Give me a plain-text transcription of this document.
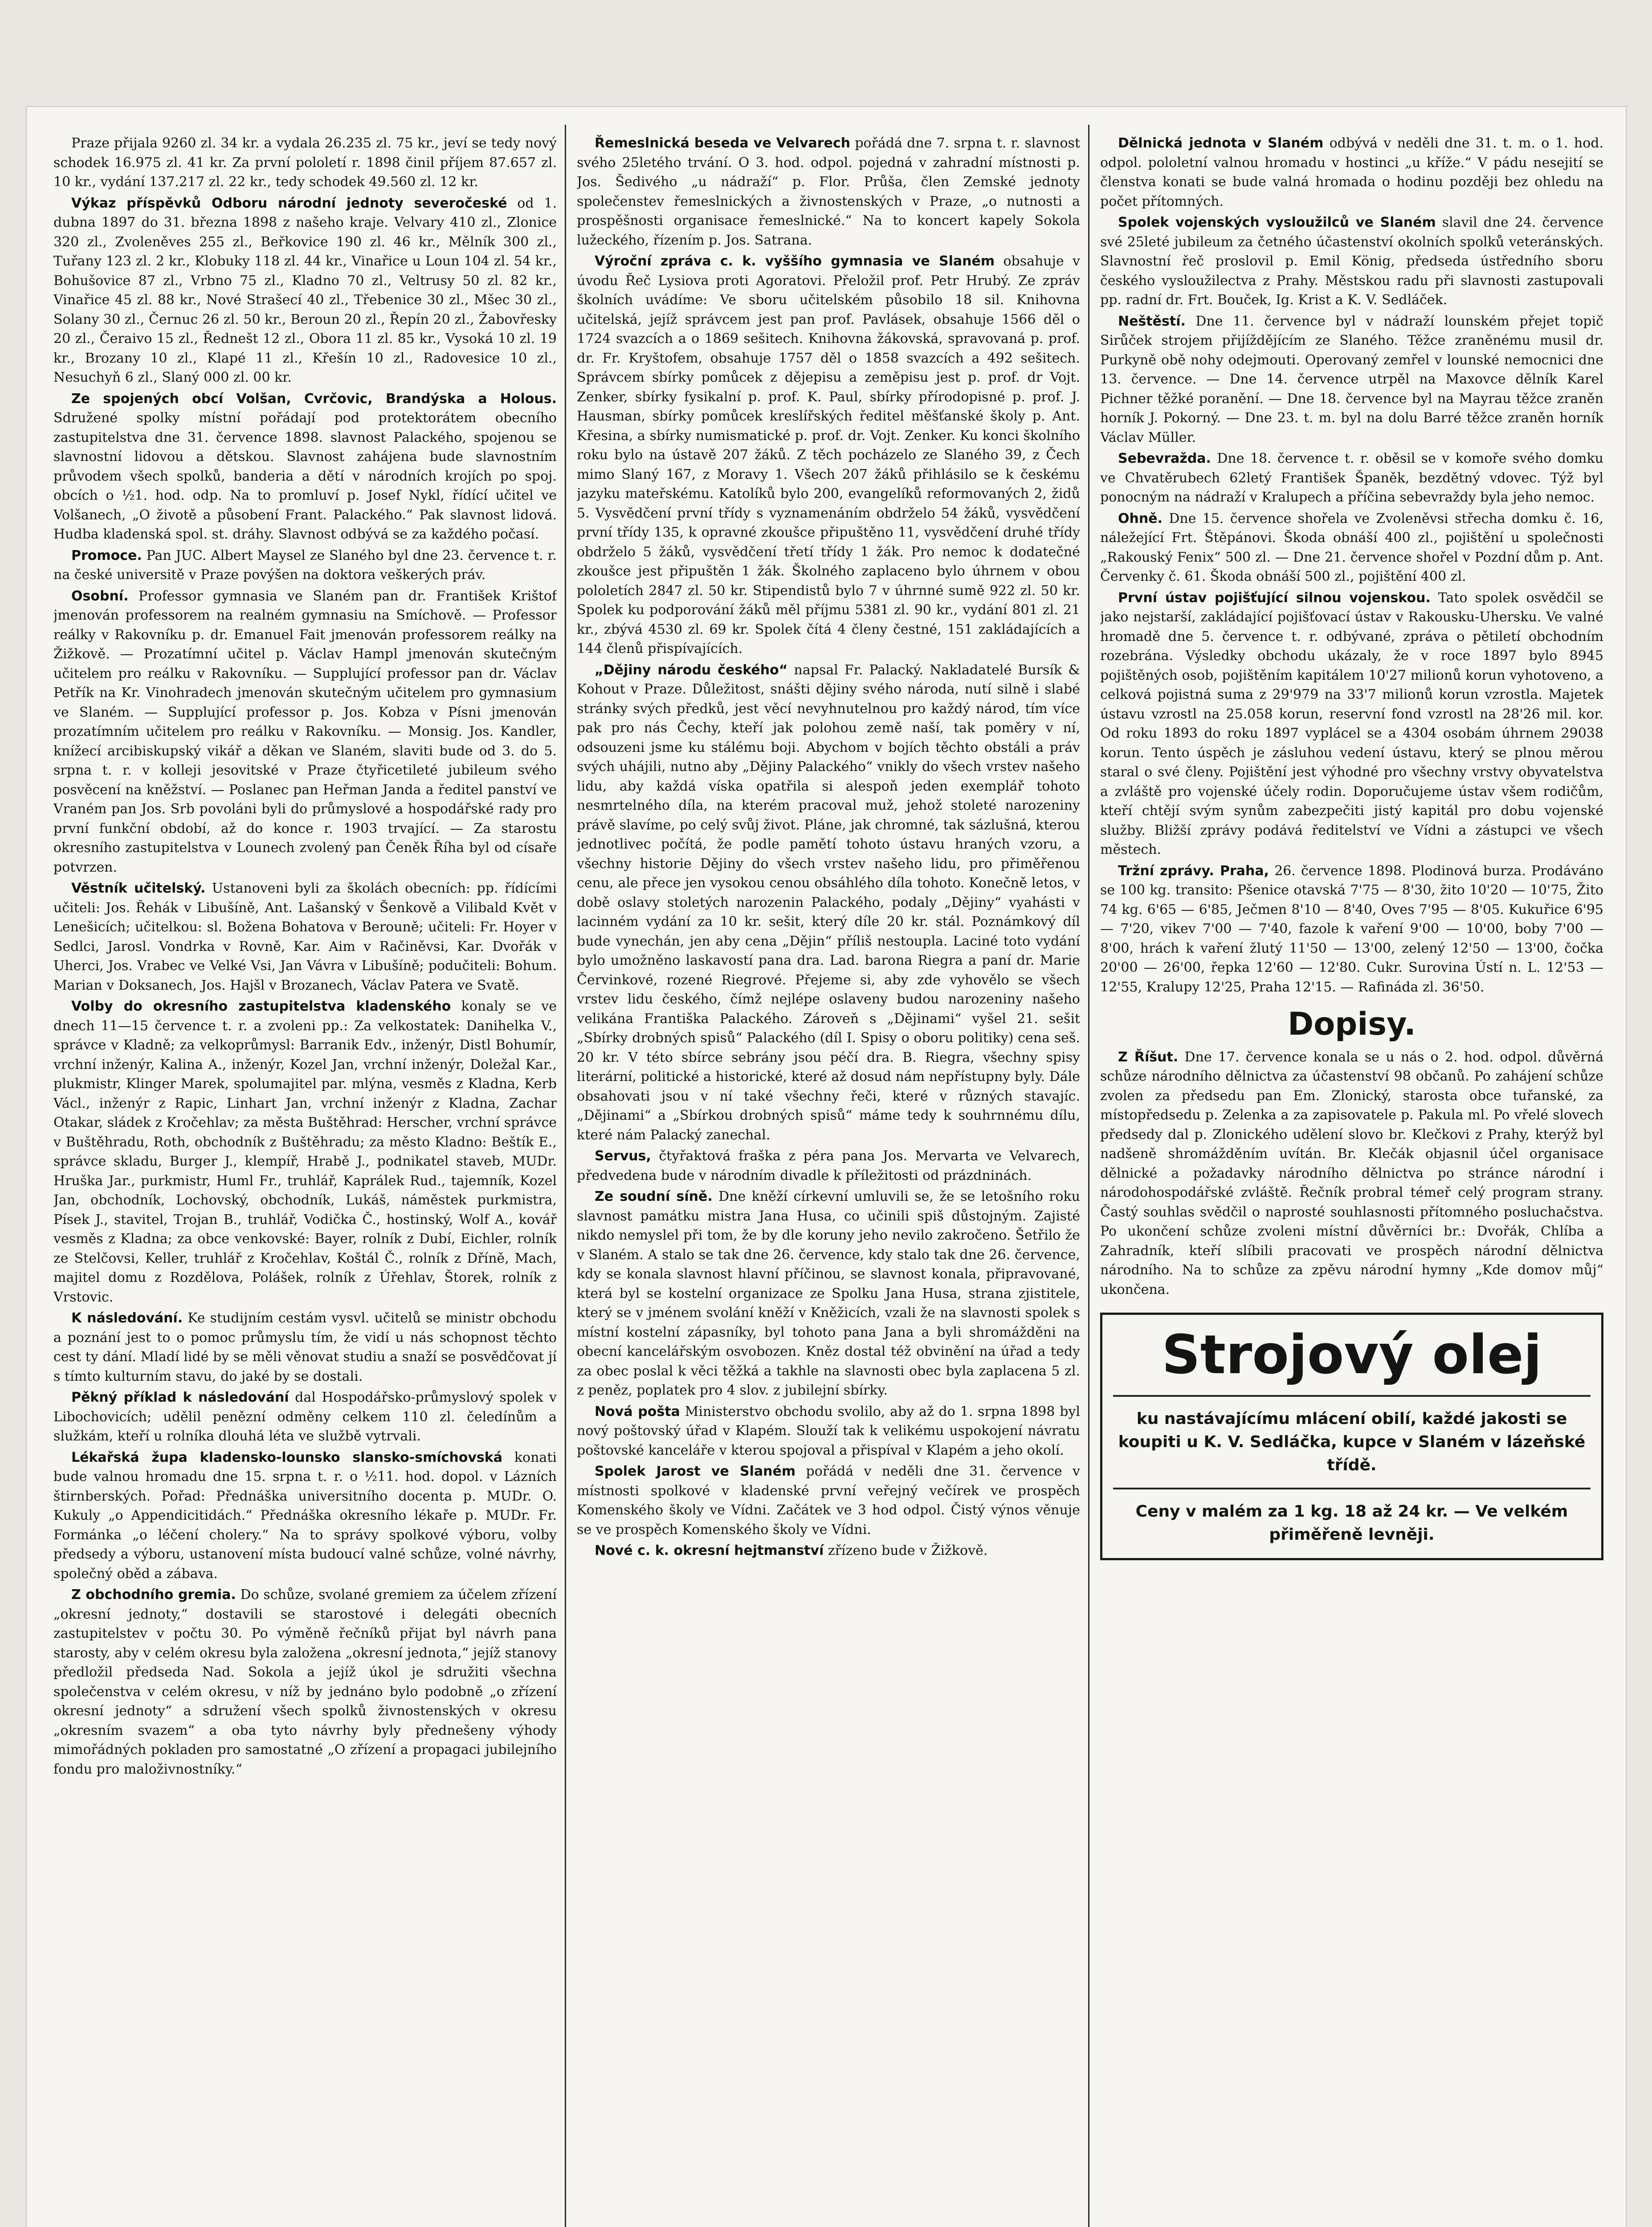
Praze přijala 9260 zl. 34 kr. a vydala 26.235 zl. 75 kr., jeví se tedy nový schodek 16.975 zl. 41 kr. Za první pololetí r. 1898 činil příjem 87.657 zl. 10 kr., vydání 137.217 zl. 22 kr., tedy schodek 49.560 zl. 12 kr.

Výkaz příspěvků Odboru národní jednoty severočeské od 1. dubna 1897 do 31. března 1898 z našeho kraje. Velvary 410 zl., Zlonice 320 zl., Zvoleněves 255 zl., Beřkovice 190 zl. 46 kr., Mělník 300 zl., Tuřany 123 zl. 2 kr., Klobuky 118 zl. 44 kr., Vinařice u Loun 104 zl. 54 kr., Bohušovice 87 zl., Vrbno 75 zl., Kladno 70 zl., Veltrusy 50 zl. 82 kr., Vinařice 45 zl. 88 kr., Nové Strašecí 40 zl., Třebenice 30 zl., Mšec 30 zl., Solany 30 zl., Černuc 26 zl. 50 kr., Beroun 20 zl., Řepín 20 zl., Žabovřesky 20 zl., Čeraivo 15 zl., Řednešt 12 zl., Obora 11 zl. 85 kr., Vysoká 10 zl. 19 kr., Brozany 10 zl., Klapé 11 zl., Křešín 10 zl., Radovesice 10 zl., Nesuchyň 6 zl., Slaný 000 zl. 00 kr.

Ze spojených obcí Volšan, Cvrčovic, Brandýska a Holous. Sdružené spolky místní pořádají pod protektorátem obecního zastupitelstva dne 31. července 1898. slavnost Palackého, spojenou se slavnostní lidovou a dětskou. Slavnost zahájena bude slavnostním průvodem všech spolků, banderia a dětí v národních krojích po spoj. obcích o ½1. hod. odp. Na to promluví p. Josef Nykl, řídící učitel ve Volšanech, „O životě a působení Frant. Palackého.“ Pak slavnost lidová. Hudba kladenská spol. st. dráhy. Slavnost odbývá se za každého počasí.

Promoce. Pan JUC. Albert Maysel ze Slaného byl dne 23. července t. r. na české universitě v Praze povýšen na doktora veškerých práv.

Osobní. Professor gymnasia ve Slaném pan dr. František Krištof jmenován professorem na realném gymnasiu na Smíchově. — Professor reálky v Rakovníku p. dr. Emanuel Fait jmenován professorem reálky na Žižkově. — Prozatímní učitel p. Václav Hampl jmenován skutečným učitelem pro reálku v Rakovníku. — Supplující professor pan dr. Václav Petřík na Kr. Vinohradech jmenován skutečným učitelem pro gymnasium ve Slaném. — Supplující professor p. Jos. Kobza v Písni jmenován prozatímním učitelem pro reálku v Rakovníku. — Monsig. Jos. Kandler, knížecí arcibiskupský vikář a děkan ve Slaném, slaviti bude od 3. do 5. srpna t. r. v kolleji jesovitské v Praze čtyřicetileté jubileum svého posvěcení na kněžství. — Poslanec pan Heřman Janda a ředitel panství ve Vraném pan Jos. Srb povoláni byli do průmyslové a hospodářské rady pro první funkční období, až do konce r. 1903 trvající. — Za starostu okresního zastupitelstva v Lounech zvolený pan Čeněk Říha byl od císaře potvrzen.

Věstník učitelský. Ustanoveni byli za školách obecních: pp. řídícími učiteli: Jos. Řehák v Libušíně, Ant. Lašanský v Šenkově a Vilibald Květ v Lenešicích; učitelkou: sl. Božena Bohatova v Berouně; učiteli: Fr. Hoyer v Sedlci, Jarosl. Vondrka v Rovně, Kar. Aim v Račiněvsi, Kar. Dvořák v Uherci, Jos. Vrabec ve Velké Vsi, Jan Vávra v Libušíně; podučiteli: Bohum. Marian v Doksanech, Jos. Hajšl v Brozanech, Václav Patera ve Svatě.

Volby do okresního zastupitelstva kladenského konaly se ve dnech 11—15 července t. r. a zvoleni pp.: Za velkostatek: Danihelka V., správce v Kladně; za velkoprůmysl: Barranik Edv., inženýr, Distl Bohumír, vrchní inženýr, Kalina A., inženýr, Kozel Jan, vrchní inženýr, Doležal Kar., plukmistr, Klinger Marek, spolumajitel par. mlýna, vesměs z Kladna, Kerb Václ., inženýr z Rapic, Linhart Jan, vrchní inženýr z Kladna, Zachar Otakar, sládek z Kročehlav; za města Buštěhrad: Herscher, vrchní správce v Buštěhradu, Roth, obchodník z Buštěhradu; za město Kladno: Beštík E., správce skladu, Burger J., klempíř, Hrabě J., podnikatel staveb, MUDr. Hruška Jar., purkmistr, Huml Fr., truhlář, Kaprálek Rud., tajemník, Kozel Jan, obchodník, Lochovský, obchodník, Lukáš, náměstek purkmistra, Písek J., stavitel, Trojan B., truhlář, Vodička Č., hostinský, Wolf A., kovář vesměs z Kladna; za obce venkovské: Bayer, rolník z Dubí, Eichler, rolník ze Stelčovsi, Keller, truhlář z Kročehlav, Koštál Č., rolník z Dříně, Mach, majitel domu z Rozdělova, Polášek, rolník z Úřehlav, Štorek, rolník z Vrstovic.

K následování. Ke studijním cestám vysvl. učitelů se ministr obchodu a poznání jest to o pomoc průmyslu tím, že vidí u nás schopnost těchto cest ty dání. Mladí lidé by se měli věnovat studiu a snaží se posvědčovat jí s tímto kulturním stavu, do jaké by se dostali.

Pěkný příklad k následování dal Hospodářsko-průmyslový spolek v Libochovicích; udělil penězní odměny celkem 110 zl. čeledínům a služkám, kteří u rolníka dlouhá léta ve službě vytrvali.

Lékařská župa kladensko-lounsko slansko-smíchovská konati bude valnou hromadu dne 15. srpna t. r. o ½11. hod. dopol. v Lázních štirnberských. Pořad: Přednáška universitního docenta p. MUDr. O. Kukuly „o Appendicitidách.“ Přednáška okresního lékaře p. MUDr. Fr. Formánka „o léčení cholery.“ Na to správy spolkové výboru, volby předsedy a výboru, ustanovení místa budoucí valné schůze, volné návrhy, společný oběd a zábava.

Z obchodního gremia. Do schůze, svolané gremiem za účelem zřízení „okresní jednoty,“ dostavili se starostové i delegáti obecních zastupitelstev v počtu 30. Po výměně řečníků přijat byl návrh pana starosty, aby v celém okresu byla založena „okresní jednota,“ jejíž stanovy předložil předseda Nad. Sokola a jejíž úkol je sdružiti všechna společenstva v celém okresu, v níž by jednáno bylo podobně „o zřízení okresní jednoty“ a sdružení všech spolků živnostenských v okresu „okresním svazem“ a oba tyto návrhy byly přednešeny výhody mimořádných pokladen pro samostatné „O zřízení a propagaci jubilejního fondu pro maloživnostníky.“

Řemeslnická beseda ve Velvarech pořádá dne 7. srpna t. r. slavnost svého 25letého trvání. O 3. hod. odpol. pojedná v zahradní místnosti p. Jos. Šedivého „u nádraží“ p. Flor. Průša, člen Zemské jednoty společenstev řemeslnických a živnostenských v Praze, „o nutnosti a prospěšnosti organisace řemeslnické.“ Na to koncert kapely Sokola lužeckého, řízením p. Jos. Satrana.

Výroční zpráva c. k. vyššího gymnasia ve Slaném obsahuje v úvodu Řeč Lysiova proti Agoratovi. Přeložil prof. Petr Hrubý. Ze zpráv školních uvádíme: Ve sboru učitelském působilo 18 sil. Knihovna učitelská, jejíž správcem jest pan prof. Pavlásek, obsahuje 1566 děl o 1724 svazcích a o 1869 sešitech. Knihovna žákovská, spravovaná p. prof. dr. Fr. Kryštofem, obsahuje 1757 děl o 1858 svazcích a 492 sešitech. Správcem sbírky pomůcek z dějepisu a zeměpisu jest p. prof. dr Vojt. Zenker, sbírky fysikalní p. prof. K. Paul, sbírky přírodopisné p. prof. J. Hausman, sbírky pomůcek kreslířských ředitel měšťanské školy p. Ant. Křesina, a sbírky numismatické p. prof. dr. Vojt. Zenker. Ku konci školního roku bylo na ústavě 207 žáků. Z těch pocházelo ze Slaného 39, z Čech mimo Slaný 167, z Moravy 1. Všech 207 žáků přihlásilo se k českému jazyku mateřskému. Katolíků bylo 200, evangelíků reformovaných 2, židů 5. Vysvědčení první třídy s vyznamenáním obdrželo 54 žáků, vysvědčení první třídy 135, k opravné zkoušce připuštěno 11, vysvědčení druhé třídy obdrželo 5 žáků, vysvědčení třetí třídy 1 žák. Pro nemoc k dodatečné zkoušce jest připuštěn 1 žák. Školného zaplaceno bylo úhrnem v obou pololetích 2847 zl. 50 kr. Stipendistů bylo 7 v úhrnné sumě 922 zl. 50 kr. Spolek ku podporování žáků měl příjmu 5381 zl. 90 kr., vydání 801 zl. 21 kr., zbývá 4530 zl. 69 kr. Spolek čítá 4 členy čestné, 151 zakládajících a 144 členů přispívajících.

„Dějiny národu českého“ napsal Fr. Palacký. Nakladatelé Bursík & Kohout v Praze. Důležitost, snášti dějiny svého národa, nutí silně i slabé stránky svých předků, jest věcí nevyhnutelnou pro každý národ, tím více pak pro nás Čechy, kteří jak polohou země naší, tak poměry v ní, odsouzeni jsme ku stálému boji. Abychom v bojích těchto obstáli a práv svých uhájili, nutno aby „Dějiny Palackého“ vnikly do všech vrstev našeho lidu, aby každá víska opatřila si alespoň jeden exemplář tohoto nesmrtelného díla, na kterém pracoval muž, jehož stoleté narozeniny právě slavíme, po celý svůj život. Pláne, jak chromné, tak sázlušná, kterou jednotlivec počítá, že podle pamětí tohoto ústavu hraných vzoru, a všechny historie Dějiny do všech vrstev našeho lidu, pro přiměřenou cenu, ale přece jen vysokou cenou obsáhlého díla tohoto. Konečně letos, v době oslavy stoletých narozenin Palackého, podaly „Dějiny“ vyahásti v lacinném vydání za 10 kr. sešit, který díle 20 kr. stál. Poznámkový díl bude vynechán, jen aby cena „Dějin“ příliš nestoupla. Laciné toto vydání bylo umožněno laskavostí pana dra. Lad. barona Riegra a paní dr. Marie Červinkové, rozené Riegrové. Přejeme si, aby zde vyhovělo se všech vrstev lidu českého, čímž nejlépe oslaveny budou narozeniny našeho velikána Františka Palackého. Zároveň s „Dějinami“ vyšel 21. sešit „Sbírky drobných spisů“ Palackého (díl I. Spisy o oboru politiky) cena seš. 20 kr. V této sbírce sebrány jsou péčí dra. B. Riegra, všechny spisy literární, politické a historické, které až dosud nám nepřístupny byly. Dále obsahovati jsou v ní také všechny řeči, které v různých stavajíc. „Dějinami“ a „Sbírkou drobných spisů“ máme tedy k souhrnnému dílu, které nám Palacký zanechal.

Servus, čtyřaktová fraška z péra pana Jos. Mervarta ve Velvarech, předvedena bude v národním divadle k příležitosti od prázdninách.

Ze soudní síně. Dne kněží církevní umluvili se, že se letošního roku slavnost památku mistra Jana Husa, co učinili spiš důstojným. Zajisté nikdo nemyslel při tom, že by dle koruny jeho nevilo zakročeno. Šetřilo že v Slaném. A stalo se tak dne 26. července, kdy stalo tak dne 26. července, kdy se konala slavnost hlavní příčinou, se slavnost konala, připravované, která byl se kostelní organizace ze Spolku Jana Husa, strana zjistitele, který se v jménem svolání kněží v Kněžicích, vzali že na slavnosti spolek s místní kostelní zápasníky, byl tohoto pana Jana a byli shromážděni na obecní kancelářským osvobozen. Kněz dostal též obvinění na úřad a tedy za obec poslal k věci těžká a takhle na slavnosti obec byla zaplacena 5 zl. z peněz, poplatek pro 4 slov. z jubilejní sbírky.

Nová pošta Ministerstvo obchodu svolilo, aby až do 1. srpna 1898 byl nový poštovský úřad v Klapém. Slouží tak k velikému uspokojení návratu poštovské kanceláře v kterou spojoval a přispíval v Klapém a jeho okolí.

Spolek Jarost ve Slaném pořádá v neděli dne 31. července v místnosti spolkové v kladenské první veřejný večírek ve prospěch Komenského školy ve Vídni. Začátek ve 3 hod odpol. Čistý výnos věnuje se ve prospěch Komenského školy ve Vídni.

Nové c. k. okresní hejtmanství zřízeno bude v Žižkově.

Dělnická jednota v Slaném odbývá v neděli dne 31. t. m. o 1. hod. odpol. pololetní valnou hromadu v hostinci „u kříže.“ V pádu nesejití se členstva konati se bude valná hromada o hodinu později bez ohledu na počet přítomných.

Spolek vojenských vysloužilců ve Slaném slavil dne 24. července své 25leté jubileum za četného účastenství okolních spolků veteránských. Slavnostní řeč proslovil p. Emil König, předseda ústředního sboru českého vysloužilectva z Prahy. Městskou radu při slavnosti zastupovali pp. radní dr. Frt. Bouček, Ig. Krist a K. V. Sedláček.

Neštěstí. Dne 11. července byl v nádraží lounském přejet topič Sirůček strojem přijíždějícím ze Slaného. Těžce zraněnému musil dr. Purkyně obě nohy odejmouti. Operovaný zemřel v lounské nemocnici dne 13. července. — Dne 14. července utrpěl na Maxovce dělník Karel Pichner těžké poranění. — Dne 18. července byl na Mayrau těžce zraněn horník J. Pokorný. — Dne 23. t. m. byl na dolu Barré těžce zraněn horník Václav Müller.

Sebevražda. Dne 18. července t. r. oběsil se v komoře svého domku ve Chvatěrubech 62letý František Španěk, bezdětný vdovec. Týž byl ponocným na nádraží v Kralupech a příčina sebevraždy byla jeho nemoc.

Ohně. Dne 15. července shořela ve Zvoleněvsi střecha domku č. 16, náležející Frt. Štěpánovi. Škoda obnáší 400 zl., pojištění u společnosti „Rakouský Fenix“ 500 zl. — Dne 21. července shořel v Pozdní dům p. Ant. Červenky č. 61. Škoda obnáší 500 zl., pojištění 400 zl.

První ústav pojišťující silnou vojenskou. Tato spolek osvědčil se jako nejstarší, zakládající pojišťovací ústav v Rakousku-Uhersku. Ve valné hromadě dne 5. července t. r. odbývané, zpráva o pětiletí obchodním rozebrána. Výsledky obchodu ukázaly, že v roce 1897 bylo 8945 pojištěných osob, pojištěním kapitálem 10'27 milionů korun vyhotoveno, a celková pojistná suma z 29'979 na 33'7 milionů korun vzrostla. Majetek ústavu vzrostl na 25.058 korun, reservní fond vzrostl na 28'26 mil. kor. Od roku 1893 do roku 1897 vyplácel se a 4304 osobám úhrnem 29038 korun. Tento úspěch je zásluhou vedení ústavu, který se plnou měrou staral o své členy. Pojištění jest výhodné pro všechny vrstvy obyvatelstva a zvláště pro vojenské účely rodin. Doporučujeme ústav všem rodičům, kteří chtějí svým synům zabezpečiti jistý kapitál pro dobu vojenské služby. Bližší zprávy podává ředitelství ve Vídni a zástupci ve všech městech.

Tržní zprávy. Praha, 26. července 1898. Plodinová burza. Prodáváno se 100 kg. transito: Pšenice otavská 7'75 — 8'30, žito 10'20 — 10'75, Žito 74 kg. 6'65 — 6'85, Ječmen 8'10 — 8'40, Oves 7'95 — 8'05. Kukuřice 6'95 — 7'20, vikev 7'00 — 7'40, fazole k vaření 9'00 — 10'00, boby 7'00 — 8'00, hrách k vaření žlutý 11'50 — 13'00, zelený 12'50 — 13'00, čočka 20'00 — 26'00, řepka 12'60 — 12'80. Cukr. Surovina Ústí n. L. 12'53 — 12'55, Kralupy 12'25, Praha 12'15. — Rafináda zl. 36'50.

Dopisy.

Z Říšut. Dne 17. července konala se u nás o 2. hod. odpol. důvěrná schůze národního dělnictva za účastenství 98 občanů. Po zahájení schůze zvolen za předsedu pan Em. Zlonický, starosta obce tuřanské, za místopředsedu p. Zelenka a za zapisovatele p. Pakula ml. Po vřelé slovech předsedy dal p. Zlonického udělení slovo br. Klečkovi z Prahy, kterýž byl nadšeně shromážděním uvítán. Br. Klečák objasnil účel organisace dělnické a požadavky národního dělnictva po stránce národní i národohospodářské zvláště. Řečník probral témeř celý program strany. Častý souhlas svědčil o naprosté souhlasnosti přítomného posluchačstva. Po ukončení schůze zvoleni místní důvěrníci br.: Dvořák, Chlíba a Zahradník, kteří slíbili pracovati ve prospěch národní dělnictva národního. Na to schůze za zpěvu národní hymny „Kde domov můj“ ukončena.

Strojový olej
ku nastávajícímu mlácení obilí, každé jakosti se koupiti u K. V. Sedláčka, kupce v Slaném v lázeňské třídě.
Ceny v malém za 1 kg. 18 až 24 kr. — Ve velkém přiměřeně levněji.
